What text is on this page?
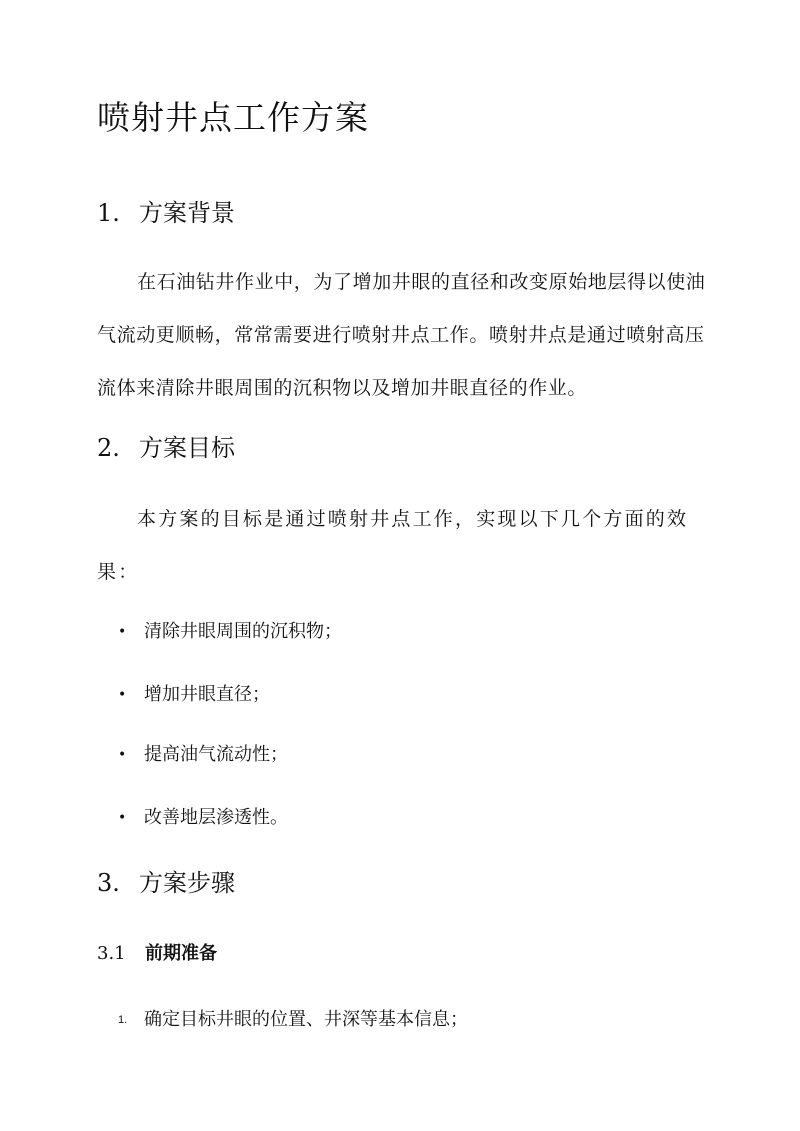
喷射井点工作方案
1. 方案背景

在石油钻井作业中，为了增加井眼的直径和改变原始地层得以使油气流动更顺畅，常常需要进行喷射井点工作。喷射井点是通过喷射高压流体来清除井眼周围的沉积物以及增加井眼直径的作业。

2. 方案目标

本方案的目标是通过喷射井点工作，实现以下几个方面的效果：

• 清除井眼周围的沉积物；
• 增加井眼直径；
• 提高油气流动性；
• 改善地层渗透性。
3. 方案步骤
3.1 前期准备
1. 确定目标井眼的位置、井深等基本信息；
